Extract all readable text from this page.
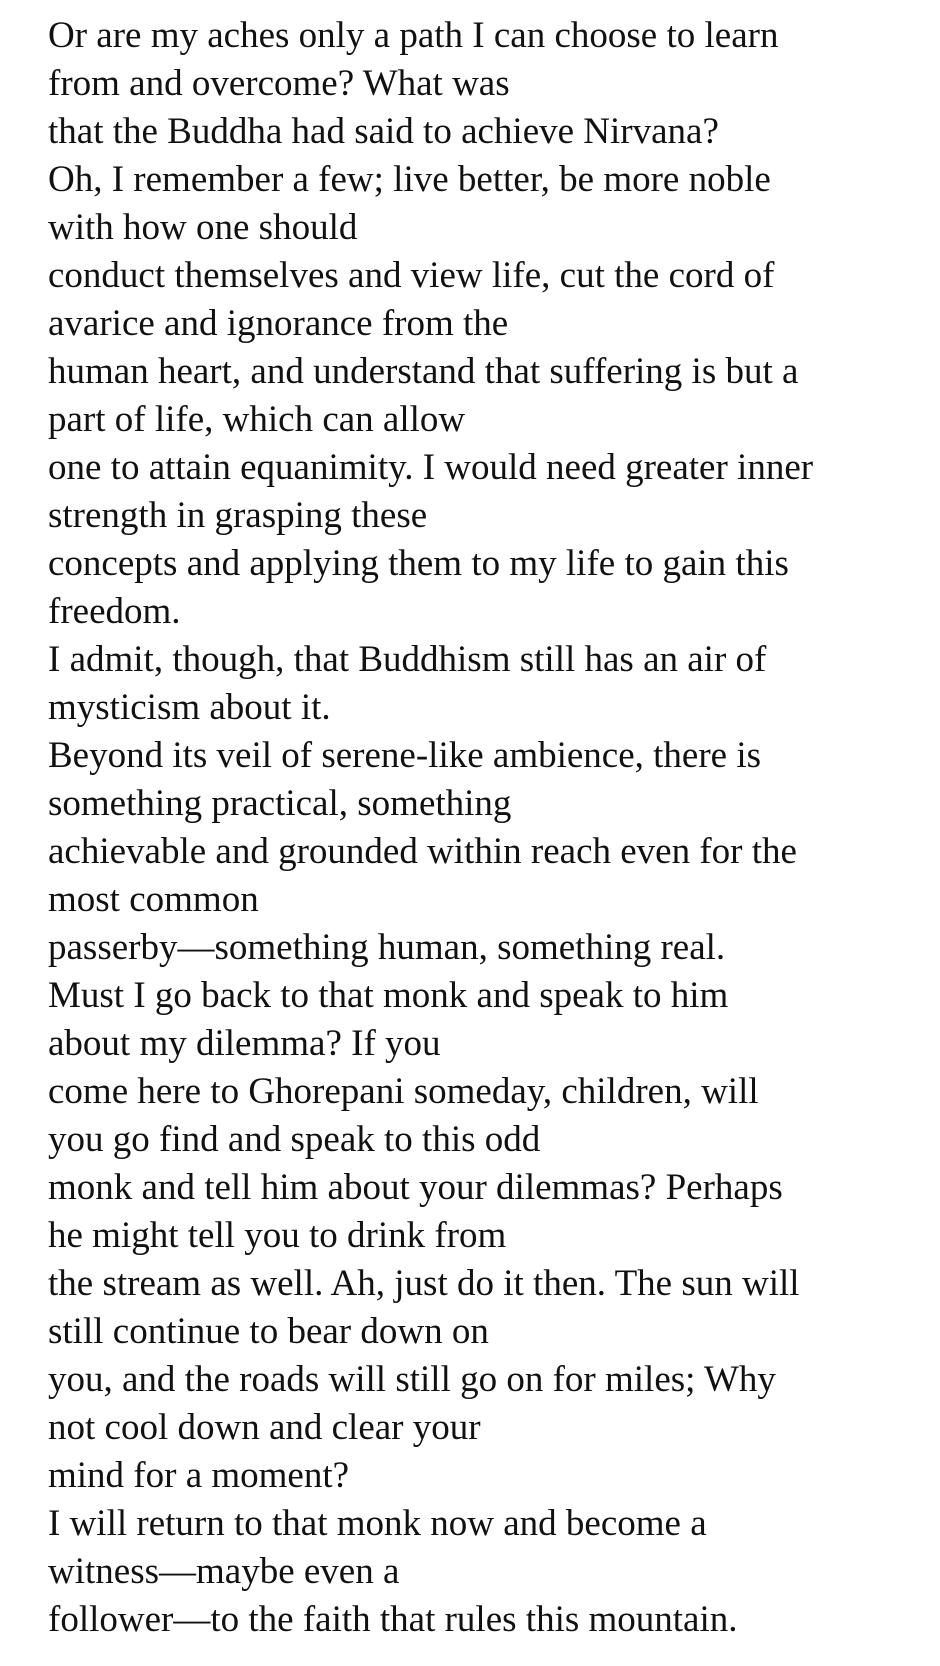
Or are my aches only a path I can choose to learn
from and overcome? What was
that the Buddha had said to achieve Nirvana?
Oh, I remember a few; live better, be more noble
with how one should
conduct themselves and view life, cut the cord of
avarice and ignorance from the
human heart, and understand that suffering is but a
part of life, which can allow
one to attain equanimity. I would need greater inner
strength in grasping these
concepts and applying them to my life to gain this
freedom.
I admit, though, that Buddhism still has an air of
mysticism about it.
Beyond its veil of serene-like ambience, there is
something practical, something
achievable and grounded within reach even for the
most common
passerby—something human, something real.
Must I go back to that monk and speak to him
about my dilemma? If you
come here to Ghorepani someday, children, will
you go find and speak to this odd
monk and tell him about your dilemmas? Perhaps
he might tell you to drink from
the stream as well. Ah, just do it then. The sun will
still continue to bear down on
you, and the roads will still go on for miles; Why
not cool down and clear your
mind for a moment?
I will return to that monk now and become a
witness—maybe even a
follower—to the faith that rules this mountain.
